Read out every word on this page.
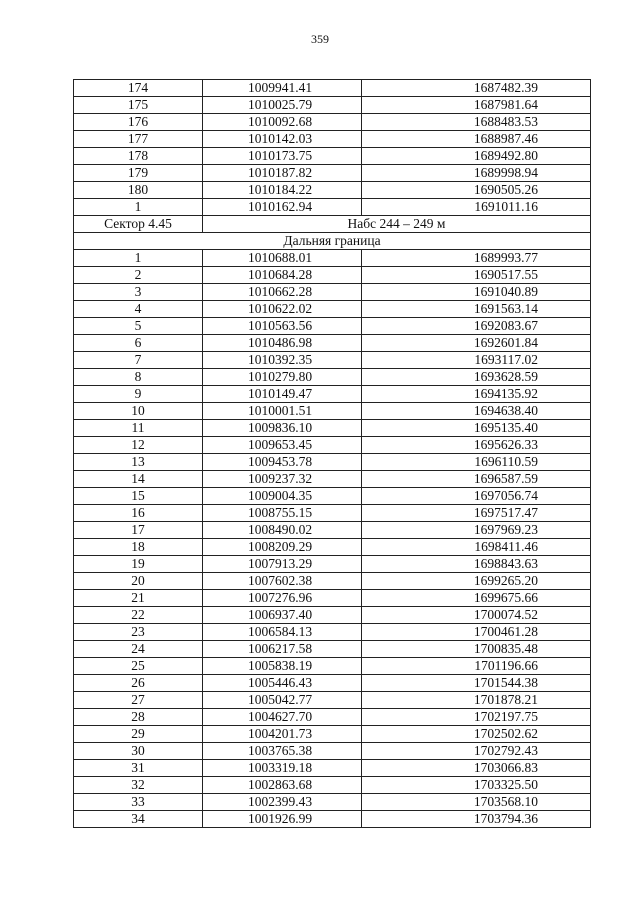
359
174	1009941.41	1687482.39
175	1010025.79	1687981.64
176	1010092.68	1688483.53
177	1010142.03	1688987.46
178	1010173.75	1689492.80
179	1010187.82	1689998.94
180	1010184.22	1690505.26
1	1010162.94	1691011.16
Сектор 4.45	Набс 244 – 249 м	
Дальняя граница		
1	1010688.01	1689993.77
2	1010684.28	1690517.55
3	1010662.28	1691040.89
4	1010622.02	1691563.14
5	1010563.56	1692083.67
6	1010486.98	1692601.84
7	1010392.35	1693117.02
8	1010279.80	1693628.59
9	1010149.47	1694135.92
10	1010001.51	1694638.40
11	1009836.10	1695135.40
12	1009653.45	1695626.33
13	1009453.78	1696110.59
14	1009237.32	1696587.59
15	1009004.35	1697056.74
16	1008755.15	1697517.47
17	1008490.02	1697969.23
18	1008209.29	1698411.46
19	1007913.29	1698843.63
20	1007602.38	1699265.20
21	1007276.96	1699675.66
22	1006937.40	1700074.52
23	1006584.13	1700461.28
24	1006217.58	1700835.48
25	1005838.19	1701196.66
26	1005446.43	1701544.38
27	1005042.77	1701878.21
28	1004627.70	1702197.75
29	1004201.73	1702502.62
30	1003765.38	1702792.43
31	1003319.18	1703066.83
32	1002863.68	1703325.50
33	1002399.43	1703568.10
34	1001926.99	1703794.36
